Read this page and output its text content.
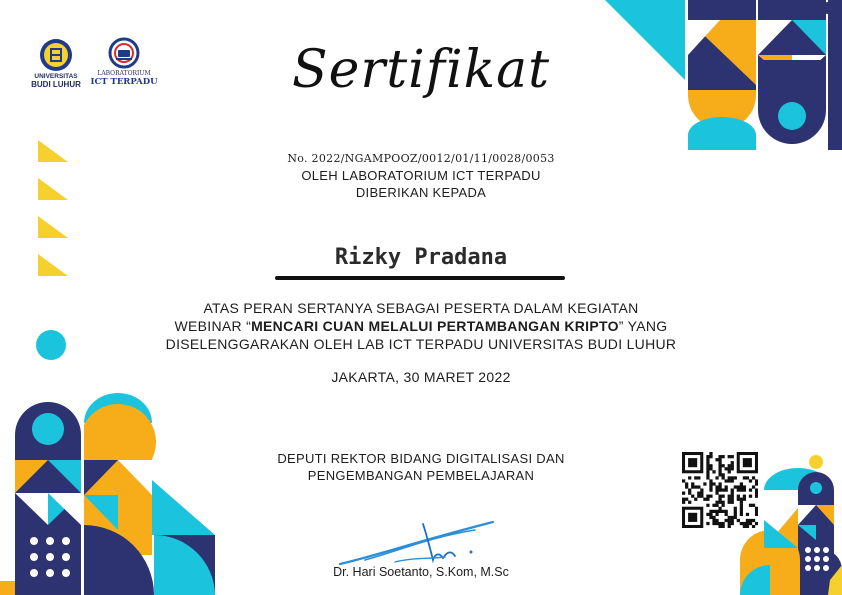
UNIVERSITAS
BUDI LUHUR
LABORATORIUM
ICT TERPADU	Sertifikat
No. 2022/NGAMPOOZ/0012/01/11/0028/0053
OLEH LABORATORIUM ICT TERPADU
DIBERIKAN KEPADA
Rizky Pradana
ATAS PERAN SERTANYA SEBAGAI PESERTA DALAM KEGIATAN
WEBINAR “MENCARI CUAN MELALUI PERTAMBANGAN KRIPTO” YANG
DISELENGGARAKAN OLEH LAB ICT TERPADU UNIVERSITAS BUDI LUHUR
JAKARTA, 30 MARET 2022
DEPUTI REKTOR BIDANG DIGITALISASI DAN
PENGEMBANGAN PEMBELAJARAN
Dr. Hari Soetanto, S.Kom, M.Sc
